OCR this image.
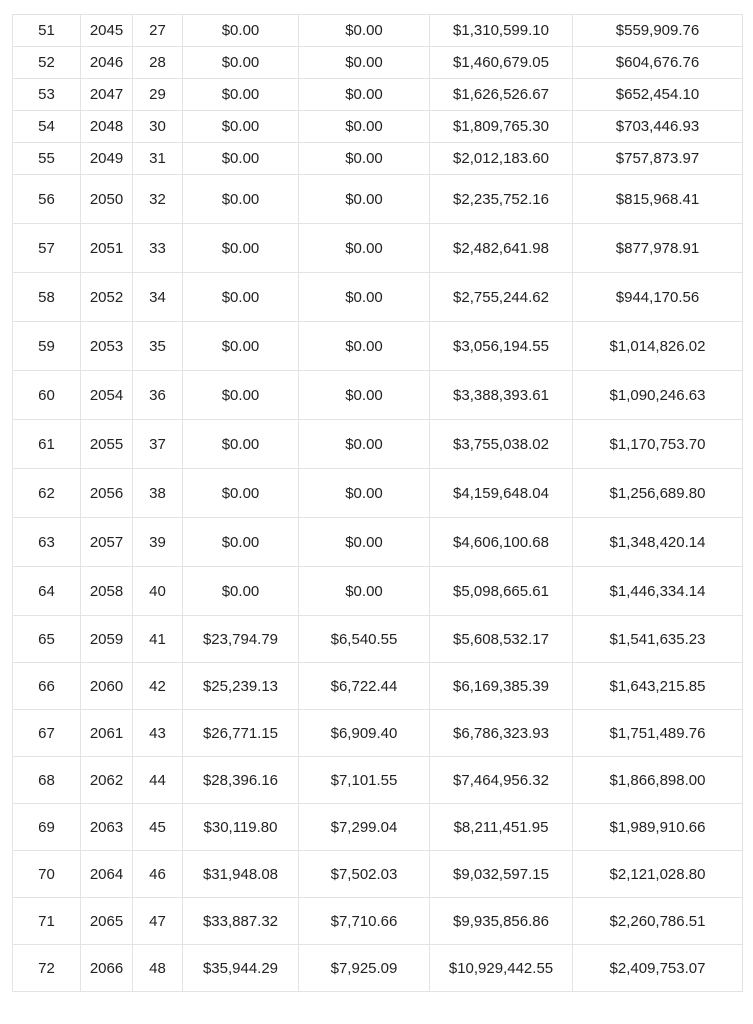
51	2045	27	$0.00	$0.00	$1,310,599.10	$559,909.76
52	2046	28	$0.00	$0.00	$1,460,679.05	$604,676.76
53	2047	29	$0.00	$0.00	$1,626,526.67	$652,454.10
54	2048	30	$0.00	$0.00	$1,809,765.30	$703,446.93
55	2049	31	$0.00	$0.00	$2,012,183.60	$757,873.97
56	2050	32	$0.00	$0.00	$2,235,752.16	$815,968.41
57	2051	33	$0.00	$0.00	$2,482,641.98	$877,978.91
58	2052	34	$0.00	$0.00	$2,755,244.62	$944,170.56
59	2053	35	$0.00	$0.00	$3,056,194.55	$1,014,826.02
60	2054	36	$0.00	$0.00	$3,388,393.61	$1,090,246.63
61	2055	37	$0.00	$0.00	$3,755,038.02	$1,170,753.70
62	2056	38	$0.00	$0.00	$4,159,648.04	$1,256,689.80
63	2057	39	$0.00	$0.00	$4,606,100.68	$1,348,420.14
64	2058	40	$0.00	$0.00	$5,098,665.61	$1,446,334.14
65	2059	41	$23,794.79	$6,540.55	$5,608,532.17	$1,541,635.23
66	2060	42	$25,239.13	$6,722.44	$6,169,385.39	$1,643,215.85
67	2061	43	$26,771.15	$6,909.40	$6,786,323.93	$1,751,489.76
68	2062	44	$28,396.16	$7,101.55	$7,464,956.32	$1,866,898.00
69	2063	45	$30,119.80	$7,299.04	$8,211,451.95	$1,989,910.66
70	2064	46	$31,948.08	$7,502.03	$9,032,597.15	$2,121,028.80
71	2065	47	$33,887.32	$7,710.66	$9,935,856.86	$2,260,786.51
72	2066	48	$35,944.29	$7,925.09	$10,929,442.55	$2,409,753.07
